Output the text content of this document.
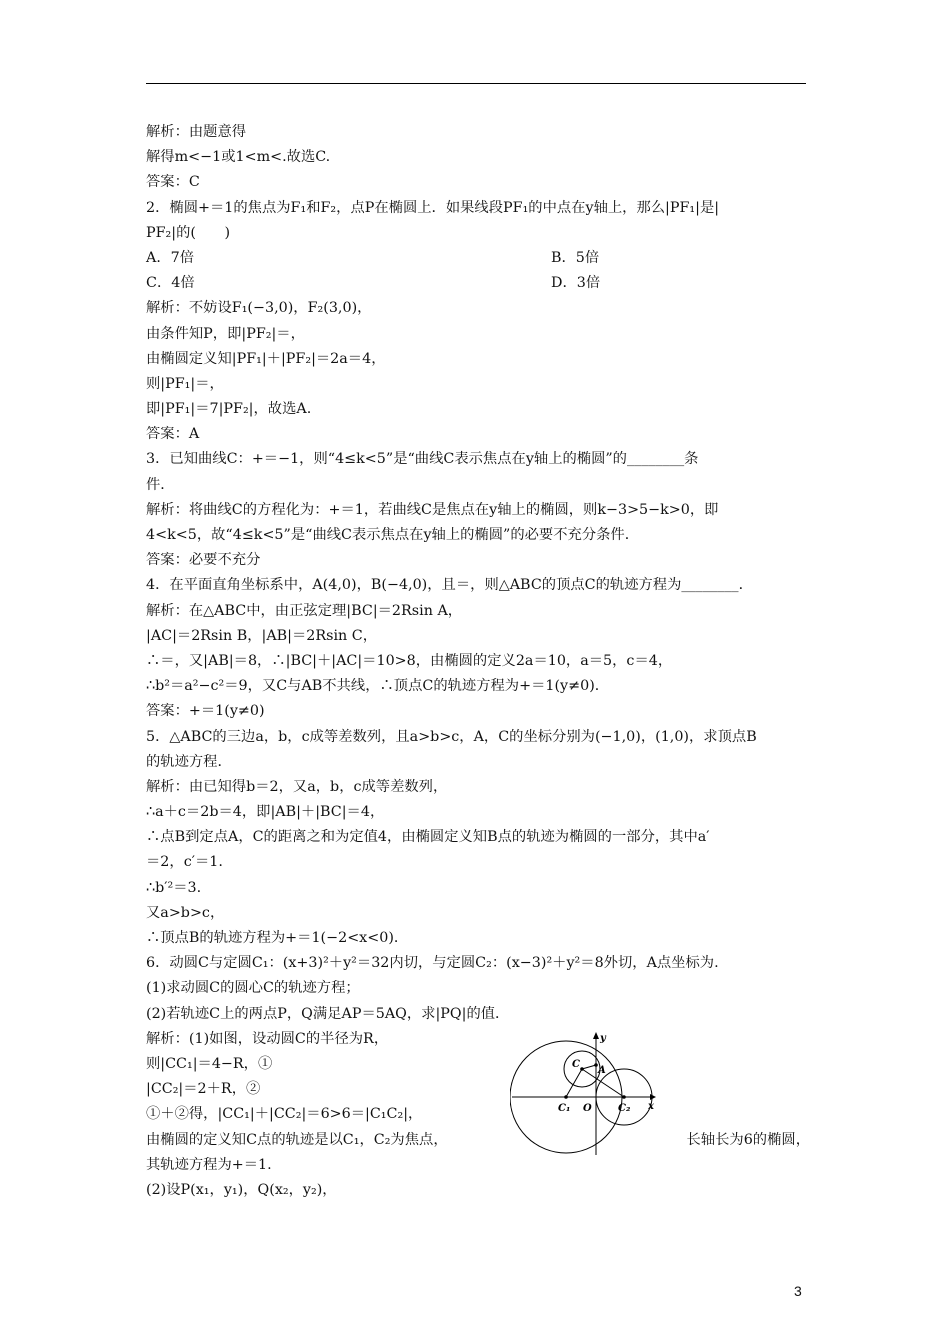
解析：由题意得
解得m<−1或1<m<.故选C.
答案：C
2．椭圆+＝1的焦点为F₁和F₂，点P在椭圆上．如果线段PF₁的中点在y轴上，那么|PF₁|是|
PF₂|的(　　)
A．7倍	B．5倍
C．4倍	D．3倍
解析：不妨设F₁(−3,0)，F₂(3,0)，
由条件知P，即|PF₂|＝，
由椭圆定义知|PF₁|＋|PF₂|＝2a＝4，
则|PF₁|＝，
即|PF₁|＝7|PF₂|，故选A.
答案：A
3．已知曲线C：+＝−1，则“4≤k<5”是“曲线C表示焦点在y轴上的椭圆”的________条
件．
解析：将曲线C的方程化为：+＝1，若曲线C是焦点在y轴上的椭圆，则k−3>5−k>0，即
4<k<5，故“4≤k<5”是“曲线C表示焦点在y轴上的椭圆”的必要不充分条件．
答案：必要不充分
4．在平面直角坐标系中，A(4,0)，B(−4,0)，且＝，则△ABC的顶点C的轨迹方程为________．
解析：在△ABC中，由正弦定理|BC|＝2Rsin A，
|AC|＝2Rsin B，|AB|＝2Rsin C，
∴＝，又|AB|＝8，∴|BC|＋|AC|＝10>8，由椭圆的定义2a＝10，a＝5，c＝4，
∴b²＝a²−c²＝9，又C与AB不共线，∴顶点C的轨迹方程为+＝1(y≠0)．
答案：+＝1(y≠0)
5．△ABC的三边a，b，c成等差数列，且a>b>c，A，C的坐标分别为(−1,0)，(1,0)，求顶点B
的轨迹方程．
解析：由已知得b＝2，又a，b，c成等差数列，
∴a＋c＝2b＝4，即|AB|＋|BC|＝4，
∴点B到定点A，C的距离之和为定值4，由椭圆定义知B点的轨迹为椭圆的一部分，其中a′
＝2，c′＝1.
∴b′²＝3.
又a>b>c，
∴顶点B的轨迹方程为+＝1(−2<x<0)．
6．动圆C与定圆C₁：(x+3)²＋y²＝32内切，与定圆C₂：(x−3)²＋y²＝8外切，A点坐标为.
(1)求动圆C的圆心C的轨迹方程；
(2)若轨迹C上的两点P，Q满足AP＝5AQ，求|PQ|的值．
解析：(1)如图，设动圆C的半径为R，
则|CC₁|＝4−R，①
|CC₂|＝2＋R，②
①＋②得，|CC₁|＋|CC₂|＝6>6＝|C₁C₂|，
由椭圆的定义知C点的轨迹是以C₁，C₂为焦点，	长轴长为6的椭圆，
其轨迹方程为+＝1.
(2)设P(x₁，y₁)，Q(x₂，y₂)，
y
x
C
A
C₁ O	C₂
3
